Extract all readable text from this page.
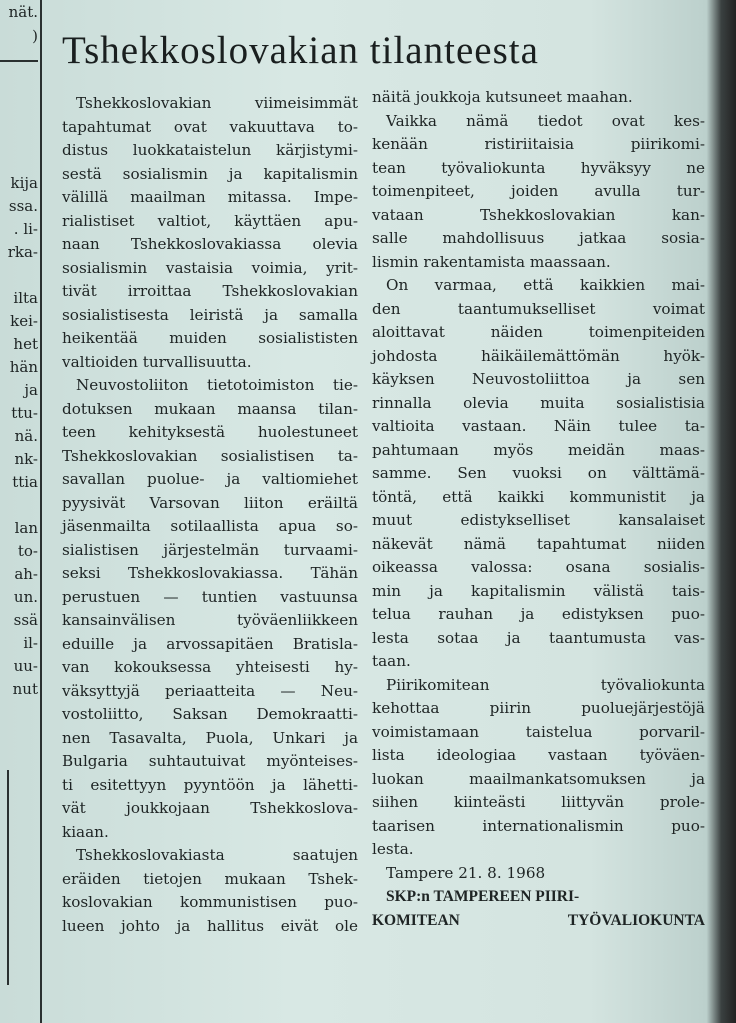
nät.
)
kija
ssa.
. li-
rka-
ilta
kei-
het
hän
ja
ttu-
nä.
nk-
ttia
lan
to-
ah-
un.
ssä
il-
uu-
nut
Tshekkoslovakian tilanteesta
Tshekkoslovakian viimeisimmät
tapahtumat ovat vakuuttava to-
distus luokkataistelun kärjistymi-
sestä sosialismin ja kapitalismin
välillä maailman mitassa. Impe-
rialistiset valtiot, käyttäen apu-
naan Tshekkoslovakiassa olevia
sosialismin vastaisia voimia, yrit-
tivät irroittaa Tshekkoslovakian
sosialistisesta leiristä ja samalla
heikentää muiden sosialististen
valtioiden turvallisuutta.
Neuvostoliiton tietotoimiston tie-
dotuksen mukaan maansa tilan-
teen kehityksestä huolestuneet
Tshekkoslovakian sosialistisen ta-
savallan puolue- ja valtiomiehet
pyysivät Varsovan liiton eräiltä
jäsenmailta sotilaallista apua so-
sialistisen järjestelmän turvaami-
seksi Tshekkoslovakiassa. Tähän
perustuen — tuntien vastuunsa
kansainvälisen työväenliikkeen
eduille ja arvossapitäen Bratisla-
van kokouksessa yhteisesti hy-
väksyttyjä periaatteita — Neu-
vostoliitto, Saksan Demokraatti-
nen Tasavalta, Puola, Unkari ja
Bulgaria suhtautuivat myönteises-
ti esitettyyn pyyntöön ja lähetti-
vät joukkojaan Tshekkoslova-
kiaan.
Tshekkoslovakiasta saatujen
eräiden tietojen mukaan Tshek-
koslovakian kommunistisen puo-
lueen johto ja hallitus eivät ole
näitä joukkoja kutsuneet maahan.
Vaikka nämä tiedot ovat kes-
kenään ristiriitaisia piirikomi-
tean työvaliokunta hyväksyy ne
toimenpiteet, joiden avulla tur-
vataan Tshekkoslovakian kan-
salle mahdollisuus jatkaa sosia-
lismin rakentamista maassaan.
On varmaa, että kaikkien mai-
den taantumukselliset voimat
aloittavat näiden toimenpiteiden
johdosta häikäilemättömän hyök-
käyksen Neuvostoliittoa ja sen
rinnalla olevia muita sosialistisia
valtioita vastaan. Näin tulee ta-
pahtumaan myös meidän maas-
samme. Sen vuoksi on välttämä-
töntä, että kaikki kommunistit ja
muut edistykselliset kansalaiset
näkevät nämä tapahtumat niiden
oikeassa valossa: osana sosialis-
min ja kapitalismin välistä tais-
telua rauhan ja edistyksen puo-
lesta sotaa ja taantumusta vas-
taan.
Piirikomitean työvaliokunta
kehottaa piirin puoluejärjestöjä
voimistamaan taistelua porvaril-
lista ideologiaa vastaan työväen-
luokan maailmankatsomuksen ja
siihen kiinteästi liittyvän prole-
taarisen internationalismin puo-
lesta.
Tampere 21. 8. 1968
SKP:n TAMPEREEN PIIRI-
KOMITEAN TYÖVALIOKUNTA
